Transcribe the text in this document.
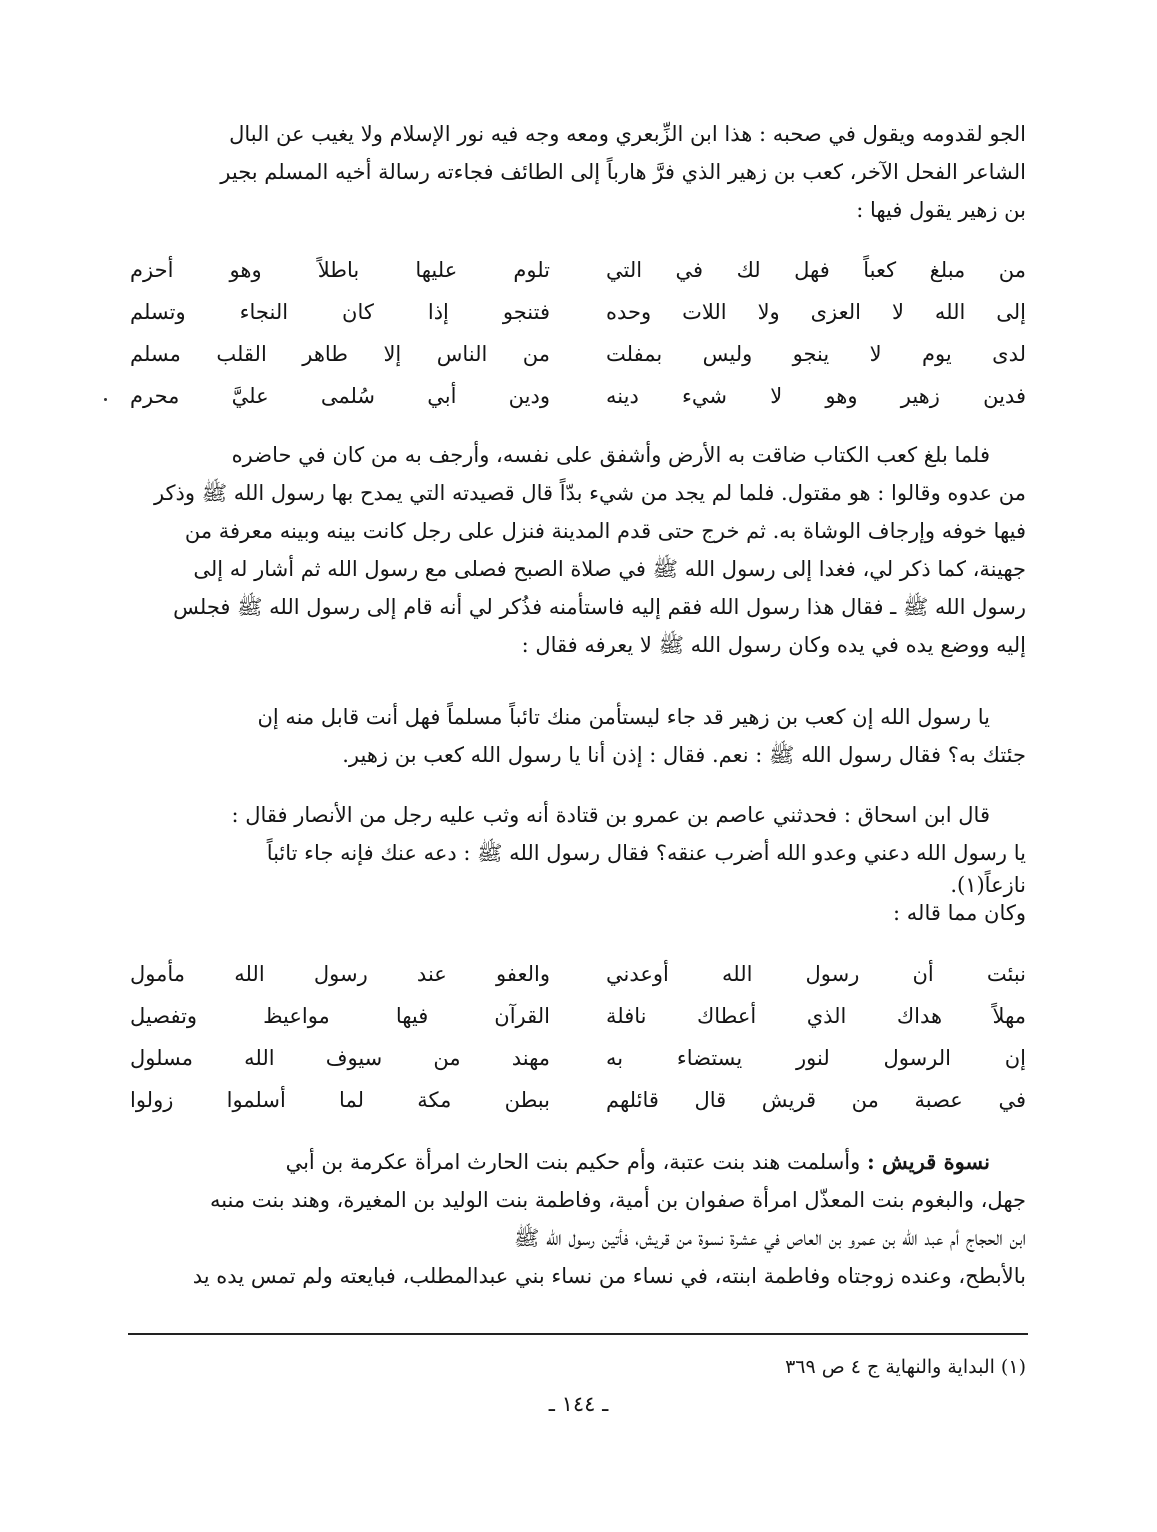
الجو لقدومه ويقول في صحبه : هذا ابن الزِّبعري ومعه وجه فيه نور الإسلام ولا يغيب عن البال

الشاعر الفحل الآخر، كعب بن زهير الذي فرَّ هارباً إلى الطائف فجاءته رسالة أخيه المسلم بجير

بن زهير يقول فيها :

من مبلغ كعباً فهل لك في التي
تلوم عليها باطلاً وهو أحزم
إلى الله لا العزى ولا اللات وحده
فتنجو إذا كان النجاء وتسلم
لدى يوم لا ينجو وليس بمفلت
من الناس إلا طاهر القلب مسلم
فدين زهير وهو لا شيء دينه
ودين أبي سُلمى عليَّ محرم

فلما بلغ كعب الكتاب ضاقت به الأرض وأشفق على نفسه، وأرجف به من كان في حاضره

من عدوه وقالوا : هو مقتول. فلما لم يجد من شيء بدّاً قال قصيدته التي يمدح بها رسول الله ﷺ وذكر

فيها خوفه وإرجاف الوشاة به. ثم خرج حتى قدم المدينة فنزل على رجل كانت بينه وبينه معرفة من

جهينة، كما ذكر لي، فغدا إلى رسول الله ﷺ في صلاة الصبح فصلى مع رسول الله ثم أشار له إلى

رسول الله ﷺ ـ فقال هذا رسول الله فقم إليه فاستأمنه فذُكر لي أنه قام إلى رسول الله ﷺ فجلس

إليه ووضع يده في يده وكان رسول الله ﷺ لا يعرفه فقال :

يا رسول الله إن كعب بن زهير قد جاء ليستأمن منك تائباً مسلماً فهل أنت قابل منه إن

جئتك به؟ فقال رسول الله ﷺ : نعم. فقال : إذن أنا يا رسول الله كعب بن زهير.

قال ابن اسحاق : فحدثني عاصم بن عمرو بن قتادة أنه وثب عليه رجل من الأنصار فقال :

يا رسول الله دعني وعدو الله أضرب عنقه؟ فقال رسول الله ﷺ : دعه عنك فإنه جاء تائباً

نازعاً(١).

وكان مما قاله :

نبئت أن رسول الله أوعدني
والعفو عند رسول الله مأمول
مهلاً هداك الذي أعطاك نافلة
القرآن فيها مواعيظ وتفصيل
إن الرسول لنور يستضاء به
مهند من سيوف الله مسلول
في عصبة من قريش قال قائلهم
ببطن مكة لما أسلموا زولوا

نسوة قريش : وأسلمت هند بنت عتبة، وأم حكيم بنت الحارث امرأة عكرمة بن أبي

جهل، والبغوم بنت المعذّل امرأة صفوان بن أمية، وفاطمة بنت الوليد بن المغيرة، وهند بنت منبه

ابن الحجاج أم عبد الله بن عمرو بن العاص في عشرة نسوة من قريش، فأتين رسول الله ﷺ

بالأبطح، وعنده زوجتاه وفاطمة ابنته، في نساء من نساء بني عبدالمطلب، فبايعته ولم تمس يده يد

(١) البداية والنهاية ج ٤ ص ٣٦٩
ـ ١٤٤ ـ
